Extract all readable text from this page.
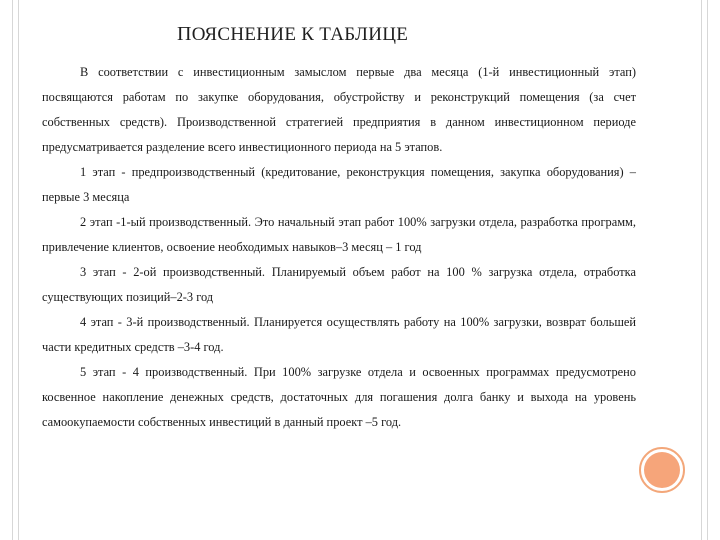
ПОЯСНЕНИЕ К ТАБЛИЦЕ

В соответствии с инвестиционным замыслом первые два месяца (1-й инвестиционный этап) посвящаются работам по закупке оборудования, обустройству и реконструкций помещения (за счет собственных средств). Производственной стратегией предприятия в данном инвестиционном периоде предусматривается разделение всего инвестиционного периода на 5 этапов.

1 этап - предпроизводственный (кредитование, реконструкция помещения, закупка оборудования) –первые 3 месяца

2 этап -1-ый производственный. Это начальный этап работ 100% загрузки отдела, разработка программ, привлечение клиентов, освоение необходимых навыков–3 месяц – 1 год

3 этап - 2-ой производственный. Планируемый объем работ на 100 % загрузка отдела, отработка существующих позиций–2-3 год

4 этап - 3-й производственный. Планируется осуществлять работу на 100% загрузки, возврат большей части кредитных средств –3-4 год.

5 этап - 4 производственный. При 100% загрузке отдела и освоенных программах предусмотрено косвенное накопление денежных средств, достаточных для погашения долга банку и выхода на уровень самоокупаемости собственных инвестиций в данный проект –5 год.
